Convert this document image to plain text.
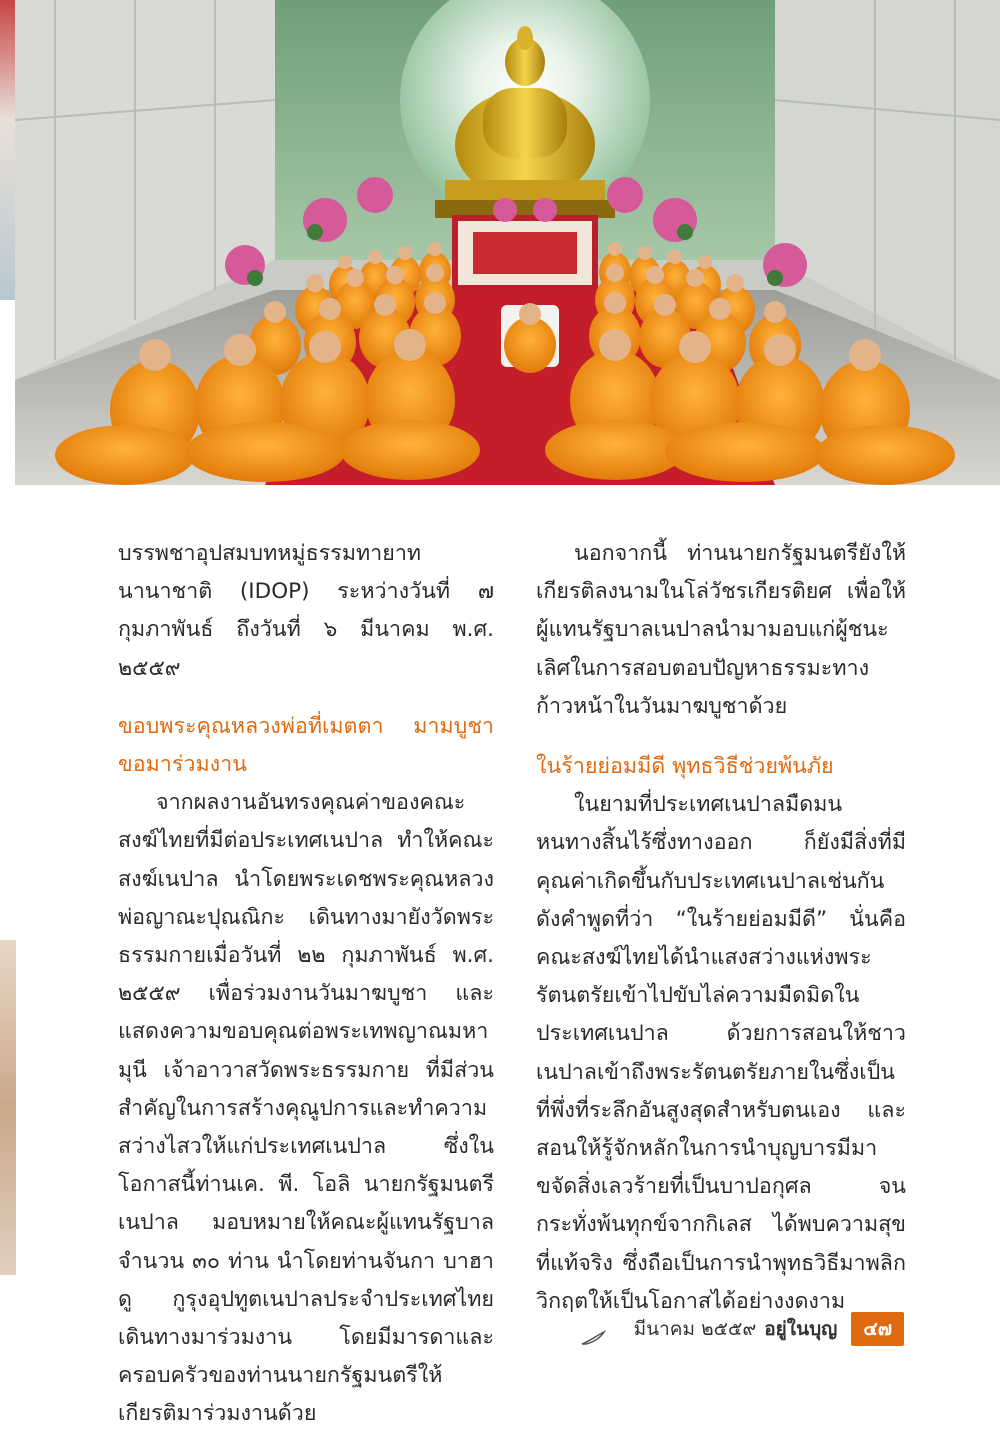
บรรพชาอุปสมบทหมู่ธรรมทายาทนานาชาติ (IDOP) ระหว่างวันที่ ๗ กุมภาพันธ์ ถึงวันที่ ๖ มีนาคม พ.ศ. ๒๕๕๙

ขอบพระคุณหลวงพ่อที่เมตตา มามบูชาขอมาร่วมงาน

จากผลงานอันทรงคุณค่าของคณะสงฆ์ไทยที่มีต่อประเทศเนปาล ทำให้คณะสงฆ์เนปาล นำโดยพระเดชพระคุณหลวงพ่อญาณะปุณณิกะ เดินทางมายังวัดพระธรรมกายเมื่อวันที่ ๒๒ กุมภาพันธ์ พ.ศ. ๒๕๕๙ เพื่อร่วมงานวันมาฆบูชา และแสดงความขอบคุณต่อพระเทพญาณมหามุนี เจ้าอาวาสวัดพระธรรมกาย ที่มีส่วนสำคัญในการสร้างคุณูปการและทำความสว่างไสวให้แก่ประเทศเนปาล ซึ่งในโอกาสนี้ท่านเค. พี. โอลิ นายกรัฐมนตรีเนปาล มอบหมายให้คณะผู้แทนรัฐบาลจำนวน ๓๐ ท่าน นำโดยท่านจันกา บาฮาดู กูรุงอุปทูตเนปาลประจำประเทศไทย เดินทางมาร่วมงาน โดยมีมารดาและครอบครัวของท่านนายกรัฐมนตรีให้เกียรติมาร่วมงานด้วย

นอกจากนี้ ท่านนายกรัฐมนตรียังให้เกียรติลงนามในโล่วัชรเกียรติยศ เพื่อให้ผู้แทนรัฐบาลเนปาลนำมามอบแก่ผู้ชนะเลิศในการสอบตอบปัญหาธรรมะทางก้าวหน้าในวันมาฆบูชาด้วย

ในร้ายย่อมมีดี พุทธวิธีช่วยพ้นภัย

ในยามที่ประเทศเนปาลมืดมนหนทางสิ้นไร้ซึ่งทางออก ก็ยังมีสิ่งที่มีคุณค่าเกิดขึ้นกับประเทศเนปาลเช่นกัน ดังคำพูดที่ว่า “ในร้ายย่อมมีดี” นั่นคือ คณะสงฆ์ไทยได้นำแสงสว่างแห่งพระรัตนตรัยเข้าไปขับไล่ความมืดมิดในประเทศเนปาล ด้วยการสอนให้ชาวเนปาลเข้าถึงพระรัตนตรัยภายในซึ่งเป็นที่พึ่งที่ระลึกอันสูงสุดสำหรับตนเอง และสอนให้รู้จักหลักในการนำบุญบารมีมาขจัดสิ่งเลวร้ายที่เป็นบาปอกุศล จนกระทั่งพ้นทุกข์จากกิเลส ได้พบความสุขที่แท้จริง ซึ่งถือเป็นการนำพุทธวิธีมาพลิกวิกฤตให้เป็นโอกาสได้อย่างงดงาม

มีนาคม ๒๕๕๙ อยู่ในบุญ	๔๗
